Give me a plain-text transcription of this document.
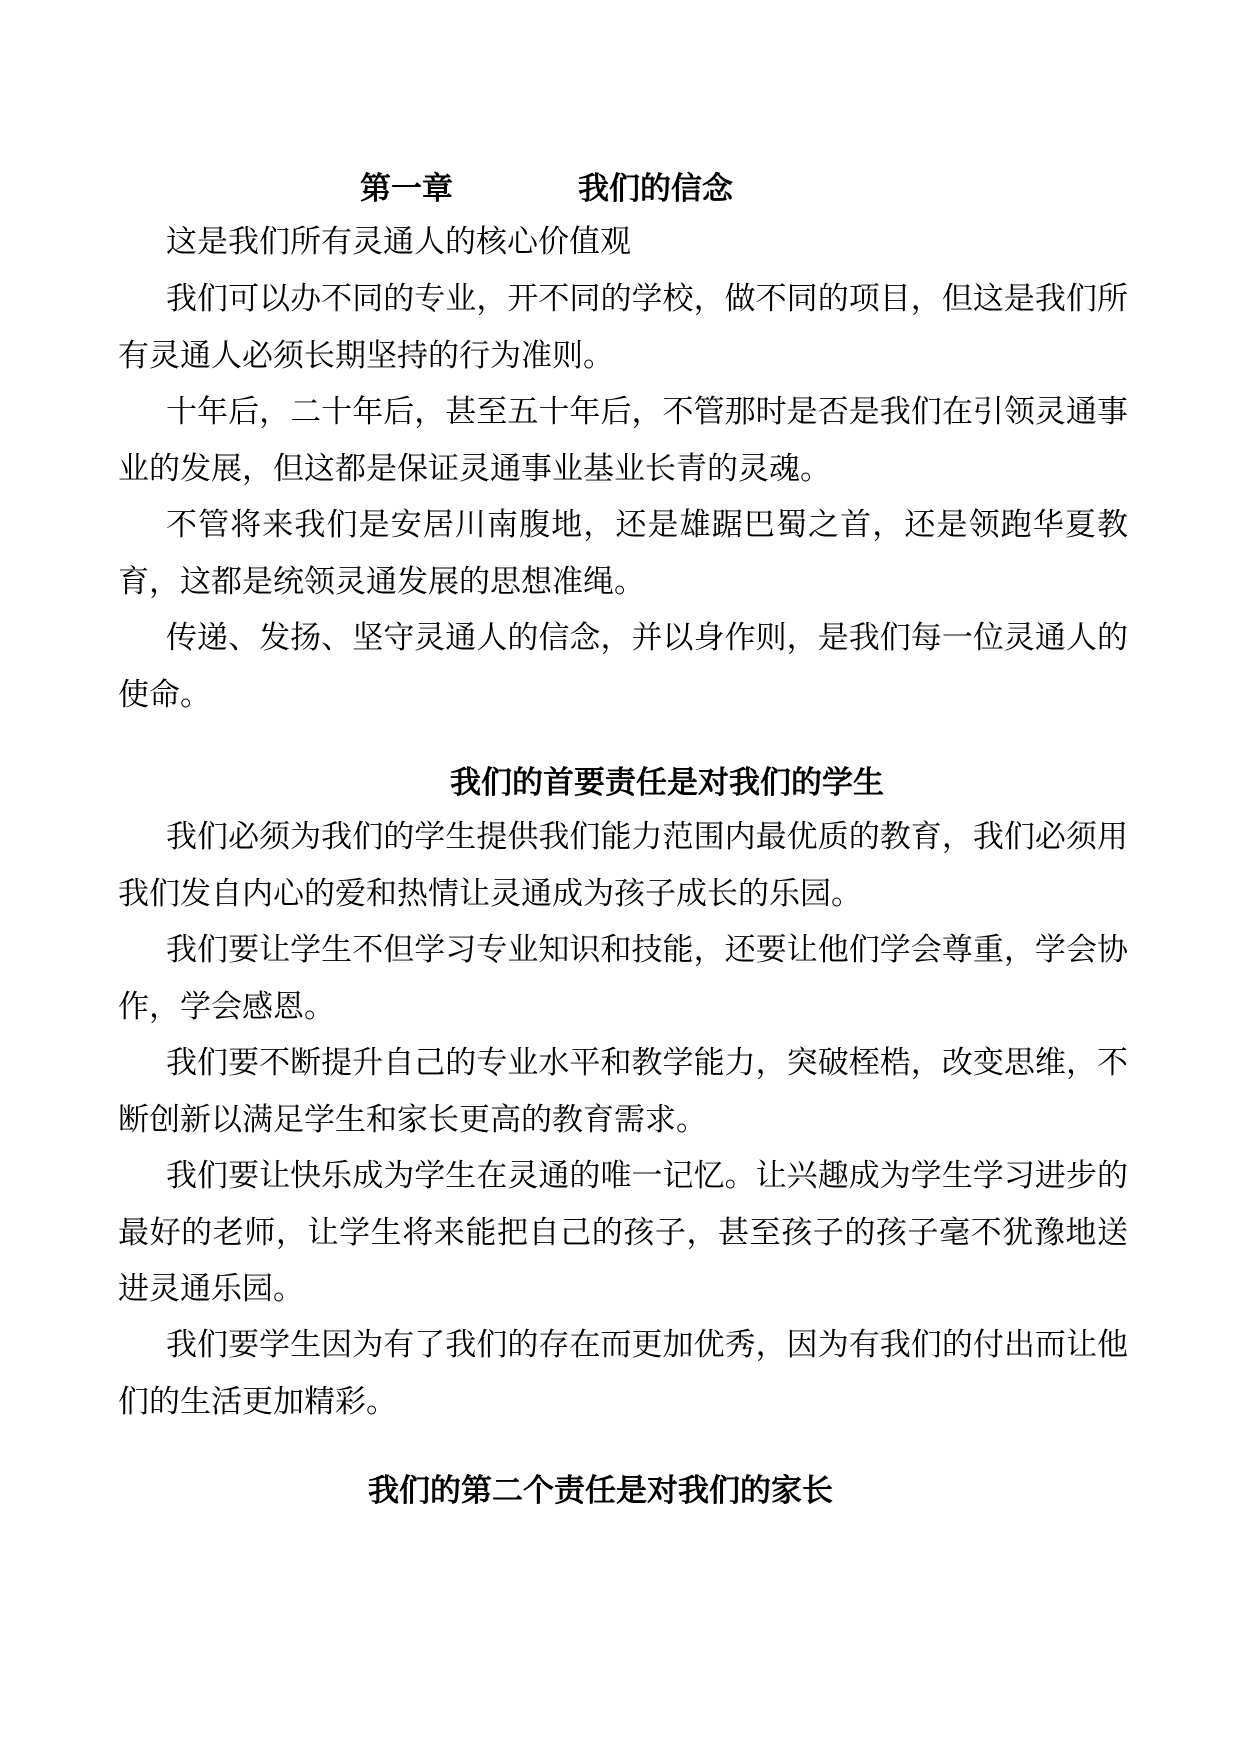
第一章	我们的信念

这是我们所有灵通人的核心价值观

我们可以办不同的专业，开不同的学校，做不同的项目，但这是我们所有灵通人必须长期坚持的行为准则。

十年后，二十年后，甚至五十年后，不管那时是否是我们在引领灵通事业的发展，但这都是保证灵通事业基业长青的灵魂。

不管将来我们是安居川南腹地，还是雄踞巴蜀之首，还是领跑华夏教育，这都是统领灵通发展的思想准绳。

传递、发扬、坚守灵通人的信念，并以身作则，是我们每一位灵通人的使命。

我们的首要责任是对我们的学生

我们必须为我们的学生提供我们能力范围内最优质的教育，我们必须用我们发自内心的爱和热情让灵通成为孩子成长的乐园。

我们要让学生不但学习专业知识和技能，还要让他们学会尊重，学会协作，学会感恩。

我们要不断提升自己的专业水平和教学能力，突破桎梏，改变思维，不断创新以满足学生和家长更高的教育需求。

我们要让快乐成为学生在灵通的唯一记忆。让兴趣成为学生学习进步的最好的老师，让学生将来能把自己的孩子，甚至孩子的孩子毫不犹豫地送进灵通乐园。

我们要学生因为有了我们的存在而更加优秀，因为有我们的付出而让他们的生活更加精彩。

我们的第二个责任是对我们的家长
